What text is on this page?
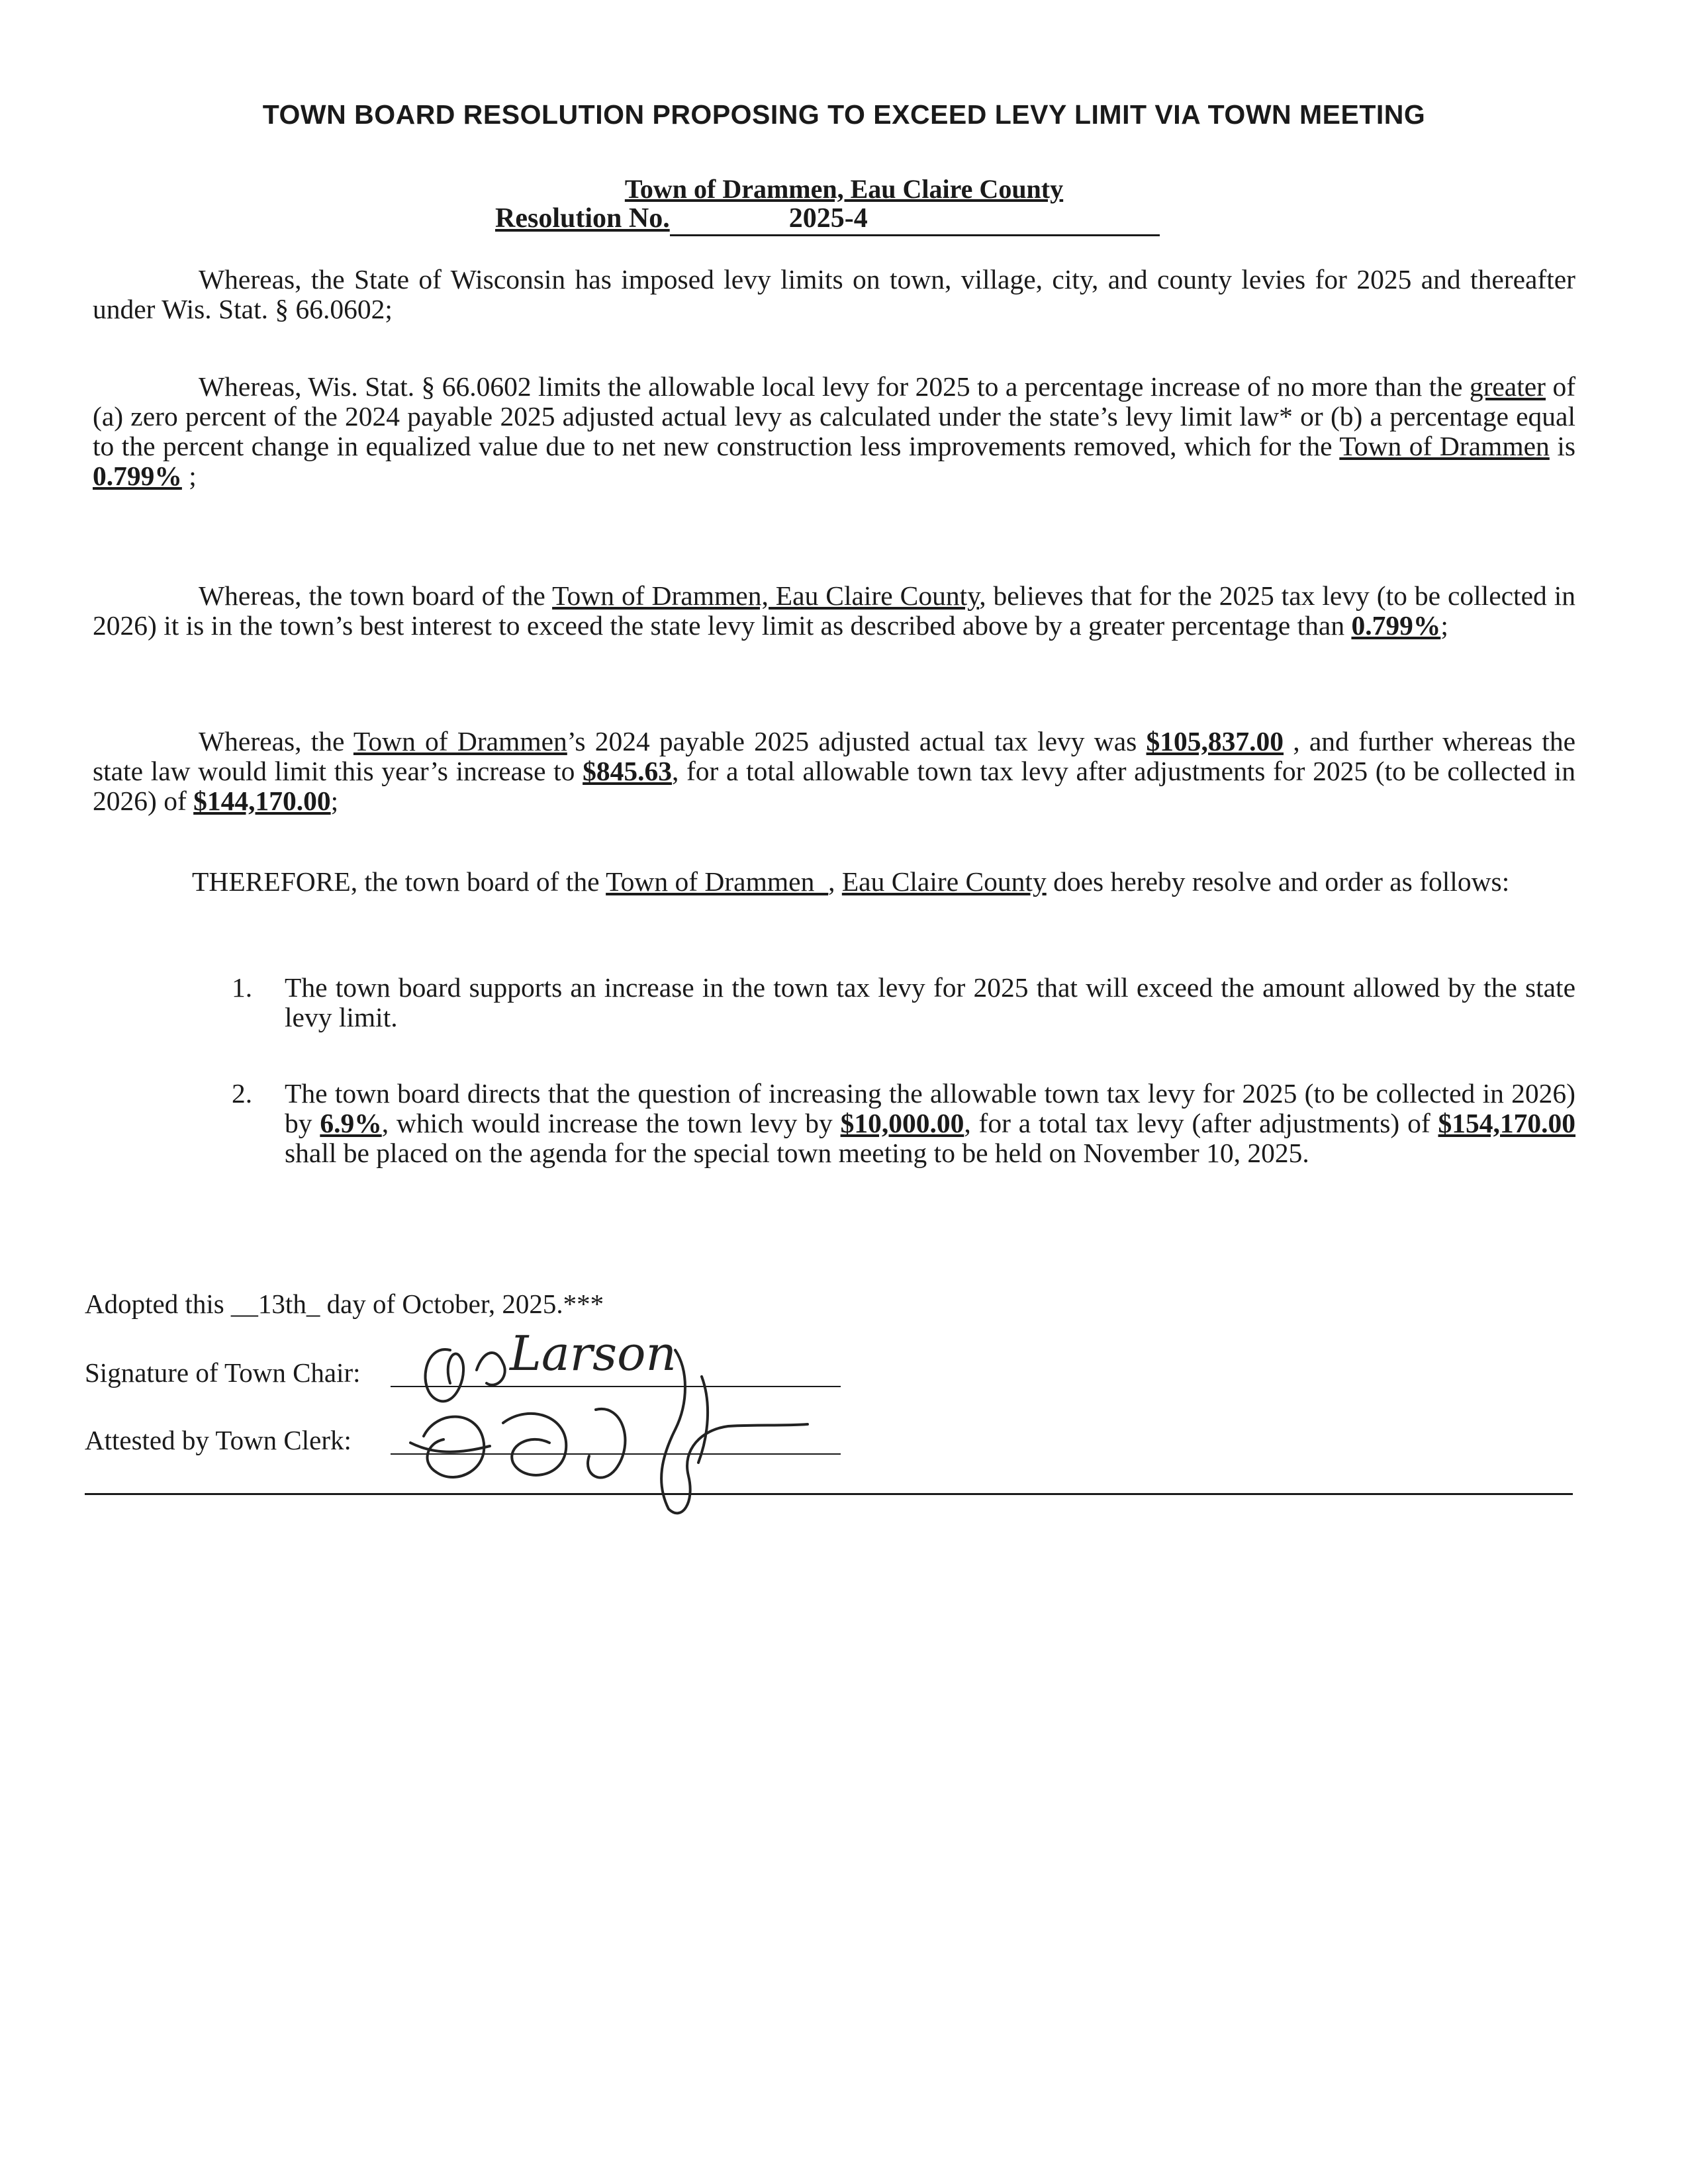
TOWN BOARD RESOLUTION PROPOSING TO EXCEED LEVY LIMIT VIA TOWN MEETING
Town of Drammen, Eau Claire County
Resolution No.	2025-4
Whereas, the State of Wisconsin has imposed levy limits on town, village, city, and county levies for 2025 and thereafter under Wis. Stat. § 66.0602;
Whereas, Wis. Stat. § 66.0602 limits the allowable local levy for 2025 to a percentage increase of no more than the greater of (a) zero percent of the 2024 payable 2025 adjusted actual levy as calculated under the state’s levy limit law* or (b) a percentage equal to the percent change in equalized value due to net new construction less improvements removed, which for the Town of Drammen is 0.799% ;
Whereas, the town board of the Town of Drammen, Eau Claire County, believes that for the 2025 tax levy (to be collected in 2026) it is in the town’s best interest to exceed the state levy limit as described above by a greater percentage than 0.799%;
Whereas, the Town of Drammen’s 2024 payable 2025 adjusted actual tax levy was $105,837.00 , and further whereas the state law would limit this year’s increase to $845.63, for a total allowable town tax levy after adjustments for 2025 (to be collected in 2026) of $144,170.00;
THEREFORE, the town board of the Town of Drammen_, Eau Claire County does hereby resolve and order as follows:
1.	The town board supports an increase in the town tax levy for 2025 that will exceed the amount allowed by the state levy limit.
2.	The town board directs that the question of increasing the allowable town tax levy for 2025 (to be collected in 2026) by 6.9%, which would increase the town levy by $10,000.00, for a total tax levy (after adjustments) of $154,170.00 shall be placed on the agenda for the special town meeting to be held on November 10, 2025.
Adopted this __13th_ day of October, 2025.***
Signature of Town Chair:
Attested by Town Clerk:
Larson
